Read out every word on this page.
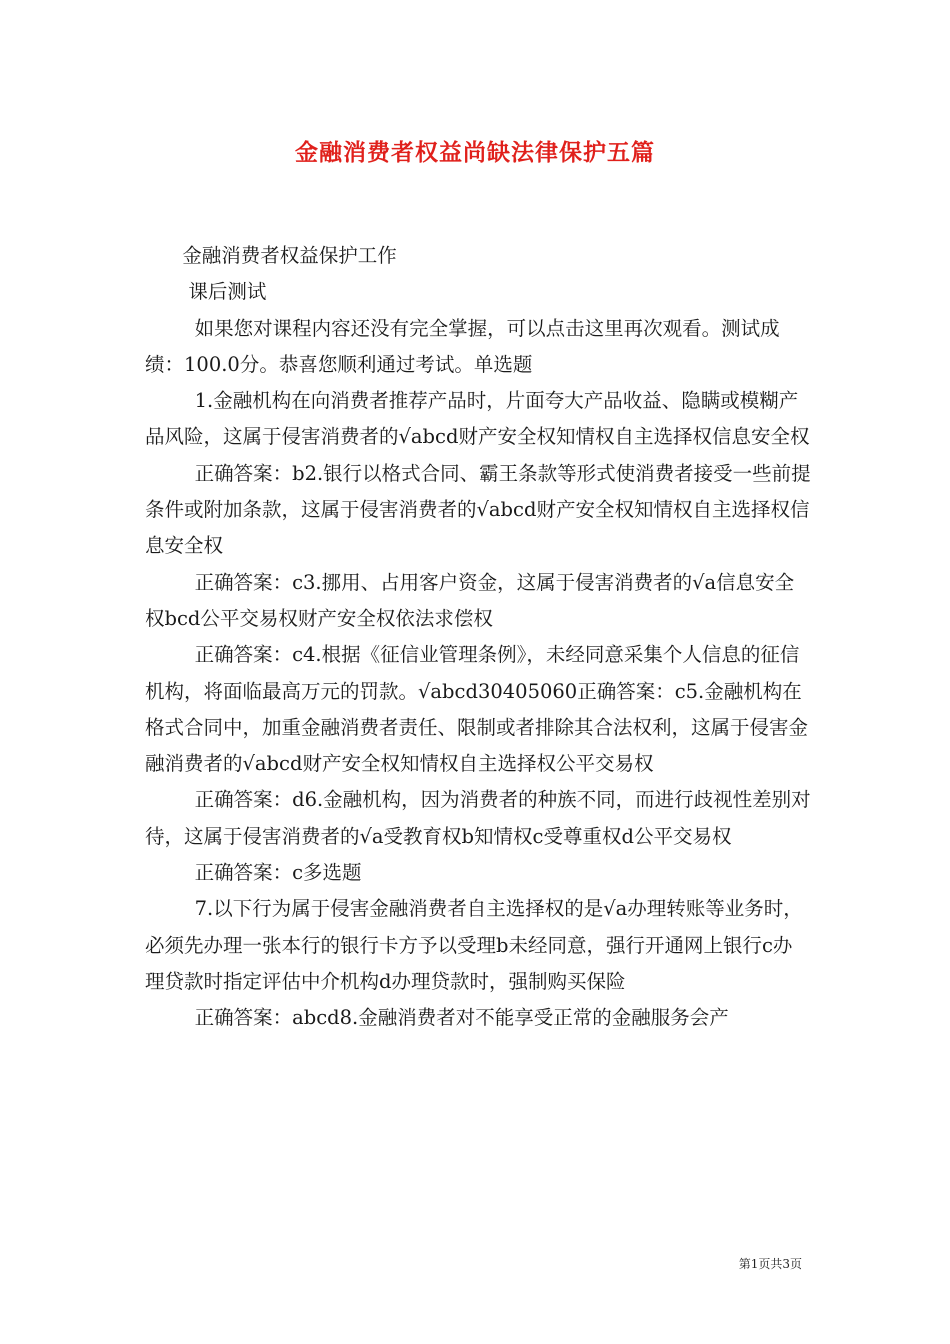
金融消费者权益尚缺法律保护五篇

金融消费者权益保护工作

课后测试

如果您对课程内容还没有完全掌握，可以点击这里再次观看。测试成绩：100.0分。恭喜您顺利通过考试。单选题

1.金融机构在向消费者推荐产品时，片面夸大产品收益、隐瞒或模糊产品风险，这属于侵害消费者的√abcd财产安全权知情权自主选择权信息安全权

正确答案：b2.银行以格式合同、霸王条款等形式使消费者接受一些前提条件或附加条款，这属于侵害消费者的√abcd财产安全权知情权自主选择权信息安全权

正确答案：c3.挪用、占用客户资金，这属于侵害消费者的√a信息安全权bcd公平交易权财产安全权依法求偿权

正确答案：c4.根据《征信业管理条例》，未经同意采集个人信息的征信机构，将面临最高万元的罚款。√abcd30405060正确答案：c5.金融机构在格式合同中，加重金融消费者责任、限制或者排除其合法权利，这属于侵害金融消费者的√abcd财产安全权知情权自主选择权公平交易权

正确答案：d6.金融机构，因为消费者的种族不同，而进行歧视性差别对待，这属于侵害消费者的√a受教育权b知情权c受尊重权d公平交易权

正确答案：c多选题

7.以下行为属于侵害金融消费者自主选择权的是√a办理转账等业务时，必须先办理一张本行的银行卡方予以受理b未经同意，强行开通网上银行c办理贷款时指定评估中介机构d办理贷款时，强制购买保险

正确答案：abcd8.金融消费者对不能享受正常的金融服务会产

第1页共3页
